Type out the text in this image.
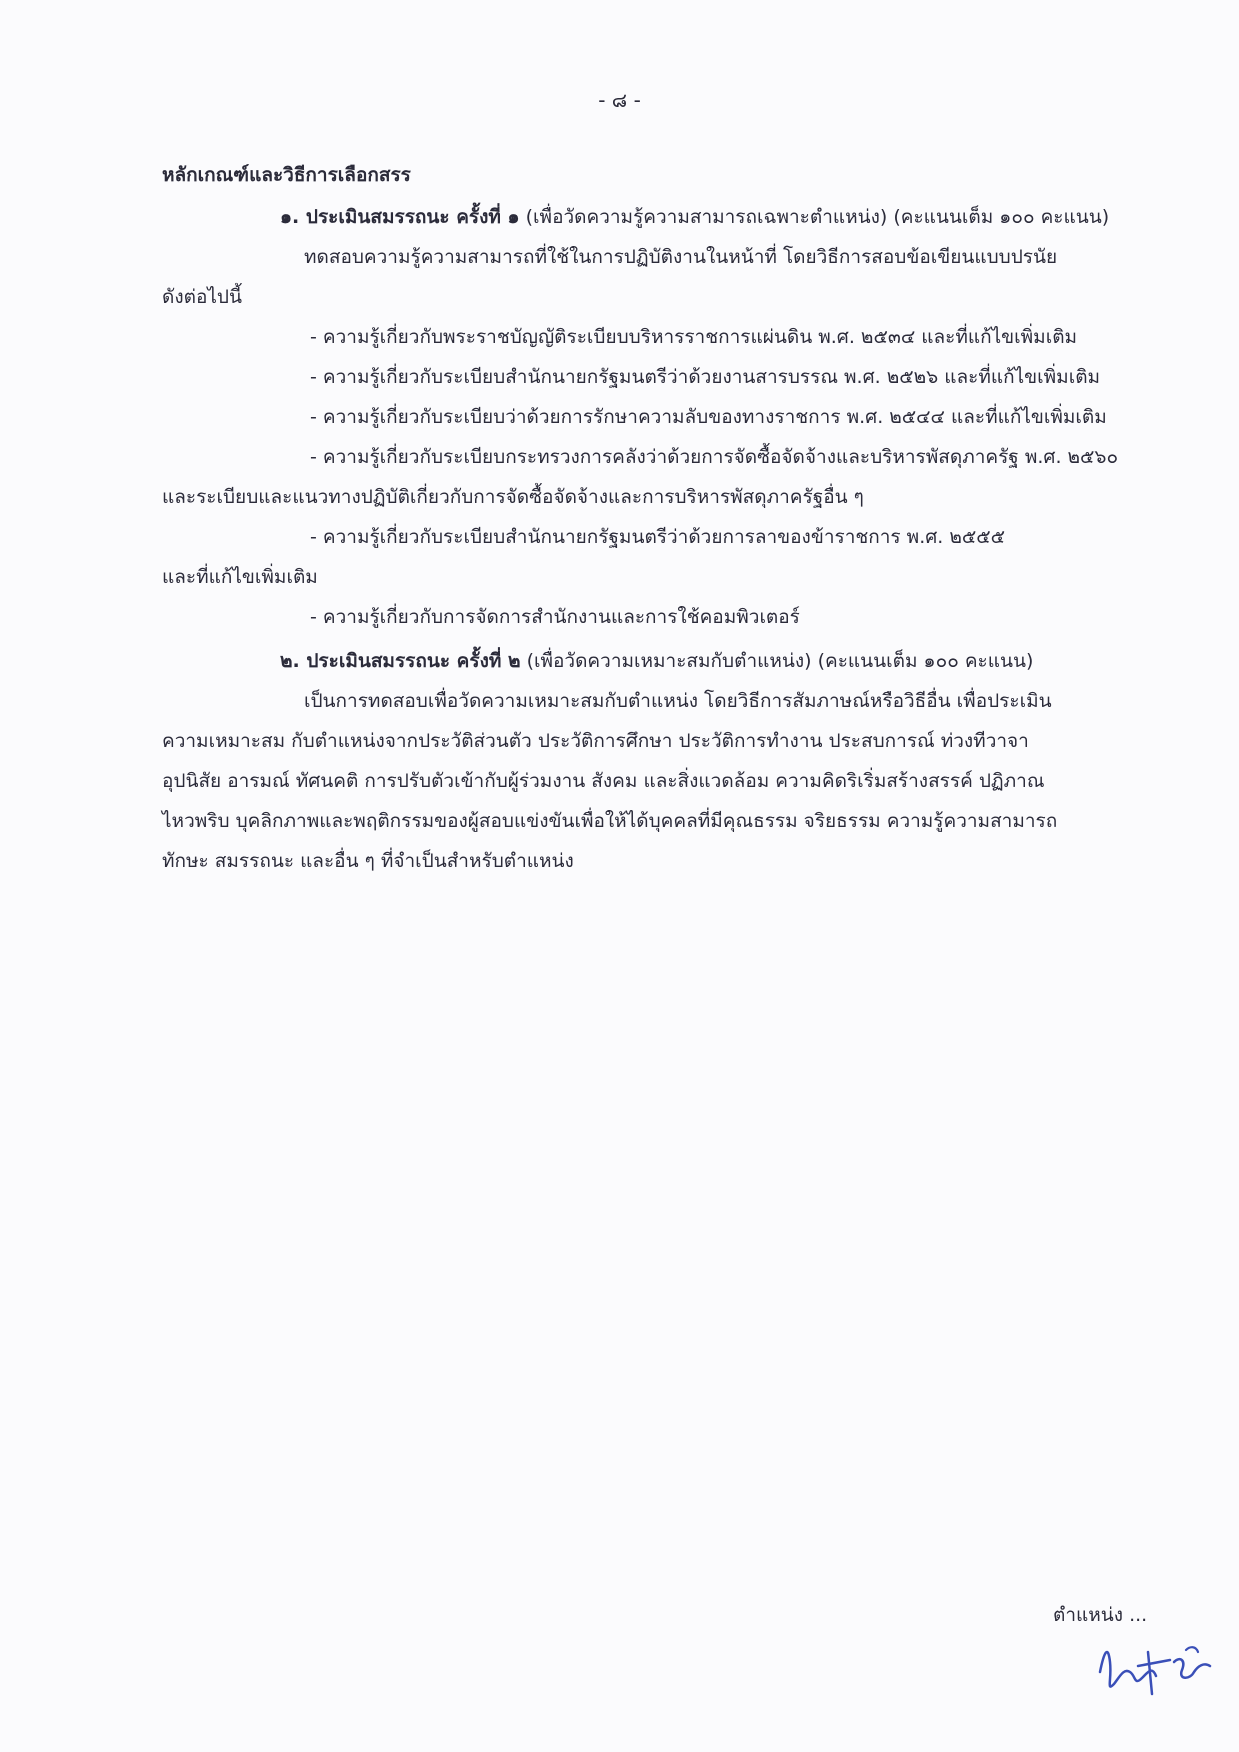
- ๘ -

หลักเกณฑ์และวิธีการเลือกสรร

๑. ประเมินสมรรถนะ ครั้งที่ ๑ (เพื่อวัดความรู้ความสามารถเฉพาะตำแหน่ง) (คะแนนเต็ม ๑๐๐ คะแนน)

ทดสอบความรู้ความสามารถที่ใช้ในการปฏิบัติงานในหน้าที่ โดยวิธีการสอบข้อเขียนแบบปรนัย

ดังต่อไปนี้

- ความรู้เกี่ยวกับพระราชบัญญัติระเบียบบริหารราชการแผ่นดิน พ.ศ. ๒๕๓๔ และที่แก้ไขเพิ่มเติม

- ความรู้เกี่ยวกับระเบียบสำนักนายกรัฐมนตรีว่าด้วยงานสารบรรณ พ.ศ. ๒๕๒๖ และที่แก้ไขเพิ่มเติม

- ความรู้เกี่ยวกับระเบียบว่าด้วยการรักษาความลับของทางราชการ พ.ศ. ๒๕๔๔ และที่แก้ไขเพิ่มเติม

- ความรู้เกี่ยวกับระเบียบกระทรวงการคลังว่าด้วยการจัดซื้อจัดจ้างและบริหารพัสดุภาครัฐ พ.ศ. ๒๕๖๐

และระเบียบและแนวทางปฏิบัติเกี่ยวกับการจัดซื้อจัดจ้างและการบริหารพัสดุภาครัฐอื่น ๆ

- ความรู้เกี่ยวกับระเบียบสำนักนายกรัฐมนตรีว่าด้วยการลาของข้าราชการ พ.ศ. ๒๕๕๕

และที่แก้ไขเพิ่มเติม

- ความรู้เกี่ยวกับการจัดการสำนักงานและการใช้คอมพิวเตอร์

๒. ประเมินสมรรถนะ ครั้งที่ ๒ (เพื่อวัดความเหมาะสมกับตำแหน่ง) (คะแนนเต็ม ๑๐๐ คะแนน)

เป็นการทดสอบเพื่อวัดความเหมาะสมกับตำแหน่ง โดยวิธีการสัมภาษณ์หรือวิธีอื่น เพื่อประเมิน

ความเหมาะสม กับตำแหน่งจากประวัติส่วนตัว ประวัติการศึกษา ประวัติการทำงาน ประสบการณ์ ท่วงทีวาจา

อุปนิสัย อารมณ์ ทัศนคติ การปรับตัวเข้ากับผู้ร่วมงาน สังคม และสิ่งแวดล้อม ความคิดริเริ่มสร้างสรรค์ ปฏิภาณ

ไหวพริบ บุคลิกภาพและพฤติกรรมของผู้สอบแข่งขันเพื่อให้ได้บุคคลที่มีคุณธรรม จริยธรรม ความรู้ความสามารถ

ทักษะ สมรรถนะ และอื่น ๆ ที่จำเป็นสำหรับตำแหน่ง

ตำแหน่ง ...
